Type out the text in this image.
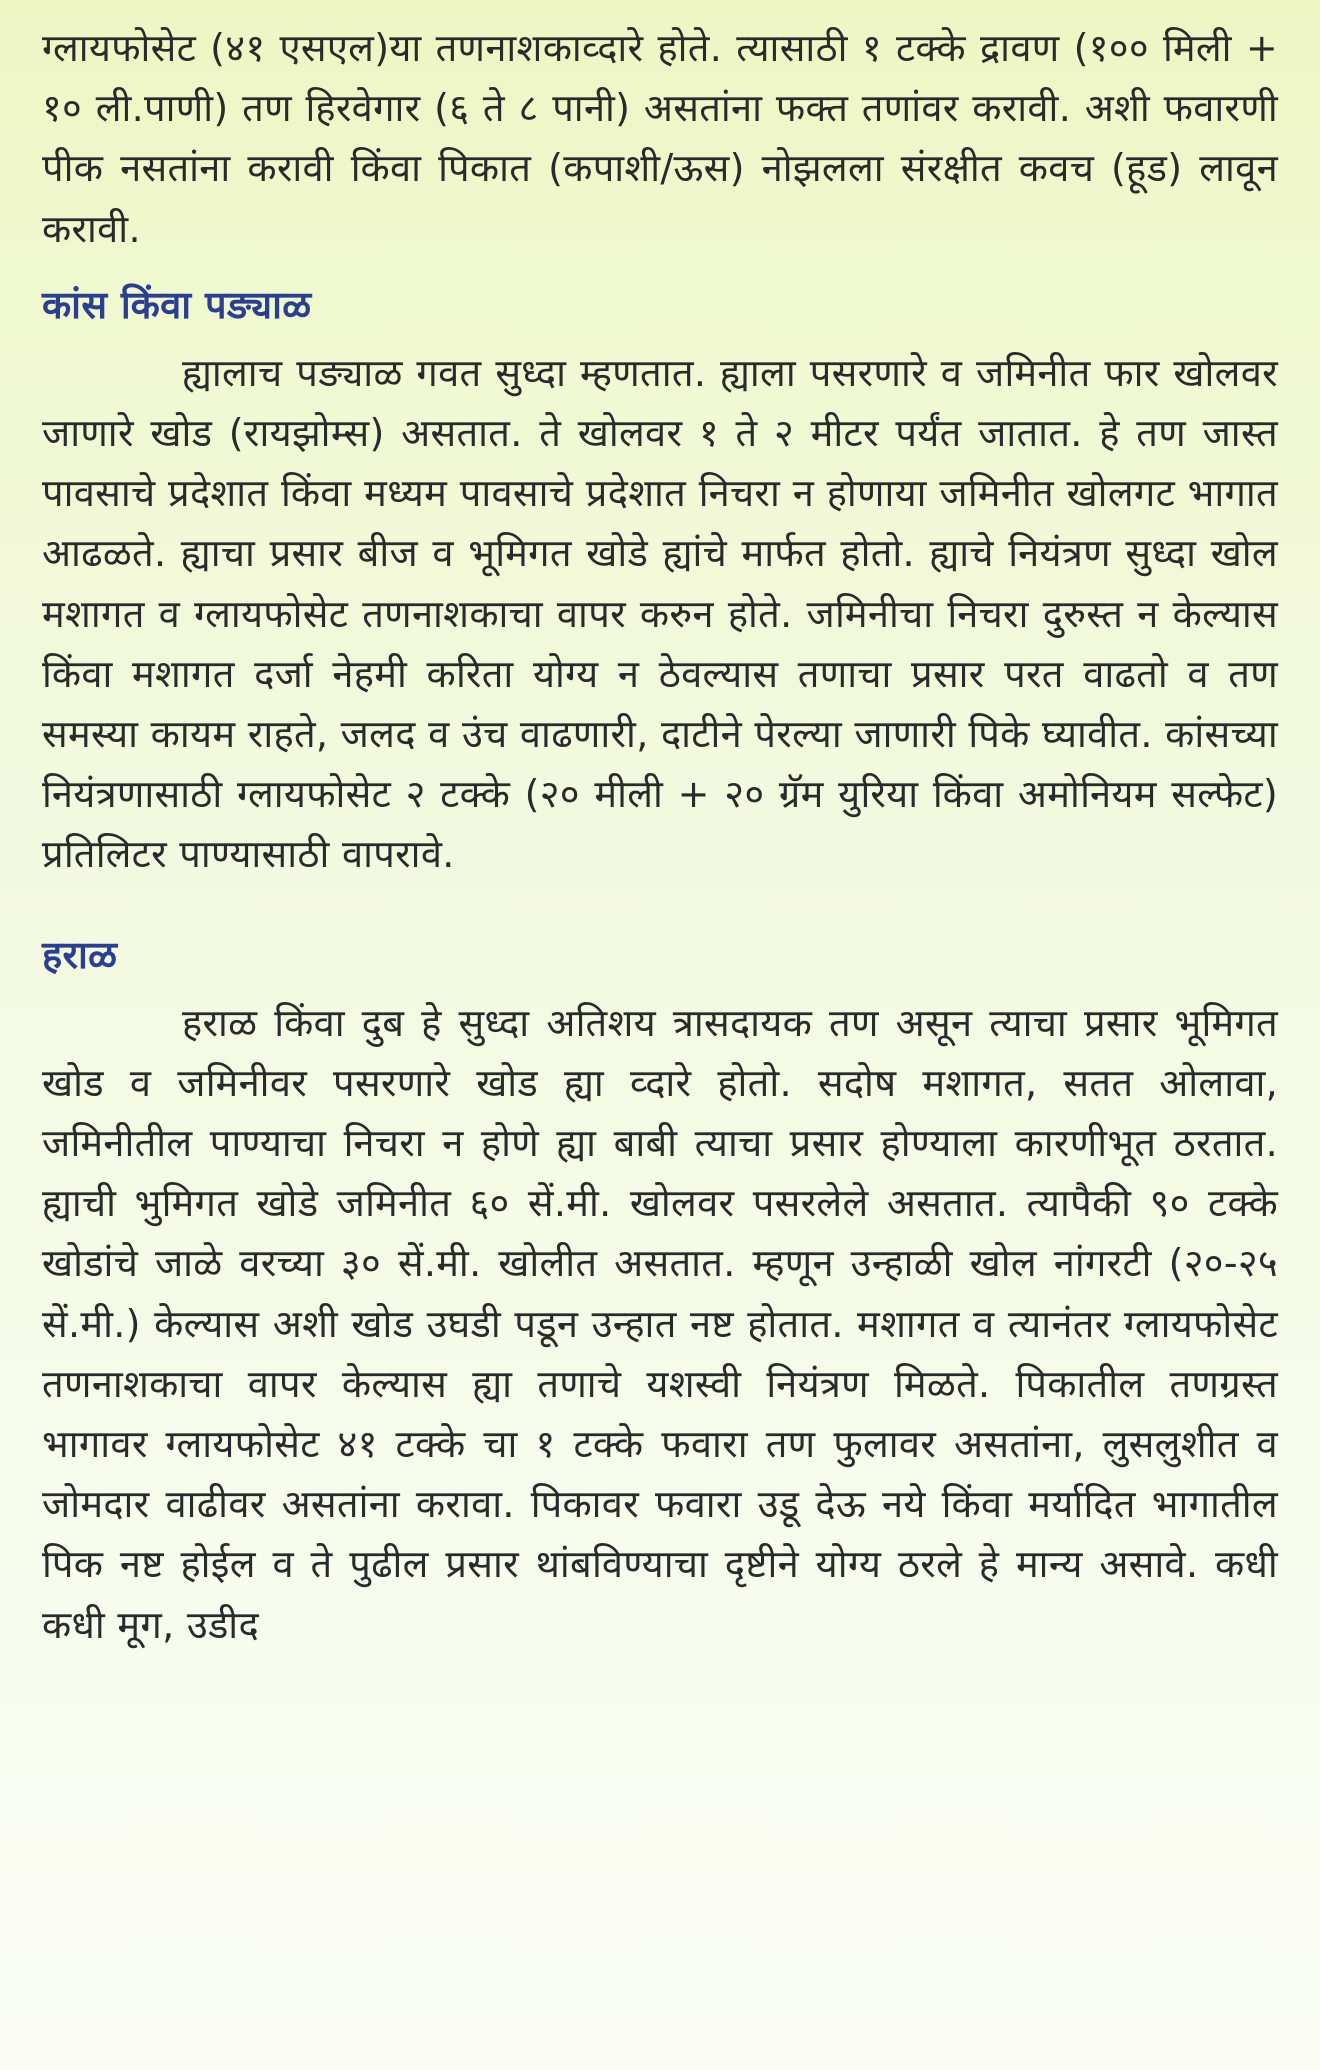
ग्लायफोसेट (४१ एसएल)या तणनाशकाव्दारे होते. त्यासाठी १ टक्के द्रावण (१०० मिली + १० ली.पाणी) तण हिरवेगार (६ ते ८ पानी) असतांना फक्त तणांवर करावी. अशी फवारणी पीक नसतांना करावी किंवा पिकात (कपाशी/ऊस) नोझलला संरक्षीत कवच (हूड) लावून करावी.

कांस किंवा पङ्याळ

ह्यालाच पङ्याळ गवत सुध्दा म्हणतात. ह्याला पसरणारे व जमिनीत फार खोलवर जाणारे खोड (रायझोम्स) असतात. ते खोलवर १ ते २ मीटर पर्यंत जातात. हे तण जास्त पावसाचे प्रदेशात किंवा मध्यम पावसाचे प्रदेशात निचरा न होणाया जमिनीत खोलगट भागात आढळते. ह्याचा प्रसार बीज व भूमिगत खोडे ह्यांचे मार्फत होतो. ह्याचे नियंत्रण सुध्दा खोल मशागत व ग्लायफोसेट तणनाशकाचा वापर करुन होते. जमिनीचा निचरा दुरुस्त न केल्यास किंवा मशागत दर्जा नेहमी करिता योग्य न ठेवल्यास तणाचा प्रसार परत वाढतो व तण समस्या कायम राहते, जलद व उंच वाढणारी, दाटीने पेरल्या जाणारी पिके घ्यावीत. कांसच्या नियंत्रणासाठी ग्लायफोसेट २ टक्के (२० मीली + २० ग्रॅम युरिया किंवा अमोनियम सल्फेट) प्रतिलिटर पाण्यासाठी वापरावे.

हराळ

हराळ किंवा दुब हे सुध्दा अतिशय त्रासदायक तण असून त्याचा प्रसार भूमिगत खोड व जमिनीवर पसरणारे खोड ह्या व्दारे होतो. सदोष मशागत, सतत ओलावा, जमिनीतील पाण्याचा निचरा न होणे ह्या बाबी त्याचा प्रसार होण्याला कारणीभूत ठरतात. ह्याची भुमिगत खोडे जमिनीत ६० सें.मी. खोलवर पसरलेले असतात. त्यापैकी ९० टक्के खोडांचे जाळे वरच्या ३० सें.मी. खोलीत असतात. म्हणून उन्हाळी खोल नांगरटी (२०-२५ सें.मी.) केल्यास अशी खोड उघडी पडून उन्हात नष्ट होतात. मशागत व त्यानंतर ग्लायफोसेट तणनाशकाचा वापर केल्यास ह्या तणाचे यशस्वी नियंत्रण मिळते. पिकातील तणग्रस्त भागावर ग्लायफोसेट ४१ टक्के चा १ टक्के फवारा तण फुलावर असतांना, लुसलुशीत व जोमदार वाढीवर असतांना करावा. पिकावर फवारा उडू देऊ नये किंवा मर्यादित भागातील पिक नष्ट होईल व ते पुढील प्रसार थांबविण्याचा दृष्टीने योग्य ठरले हे मान्य असावे. कधी कधी मूग, उडीद
